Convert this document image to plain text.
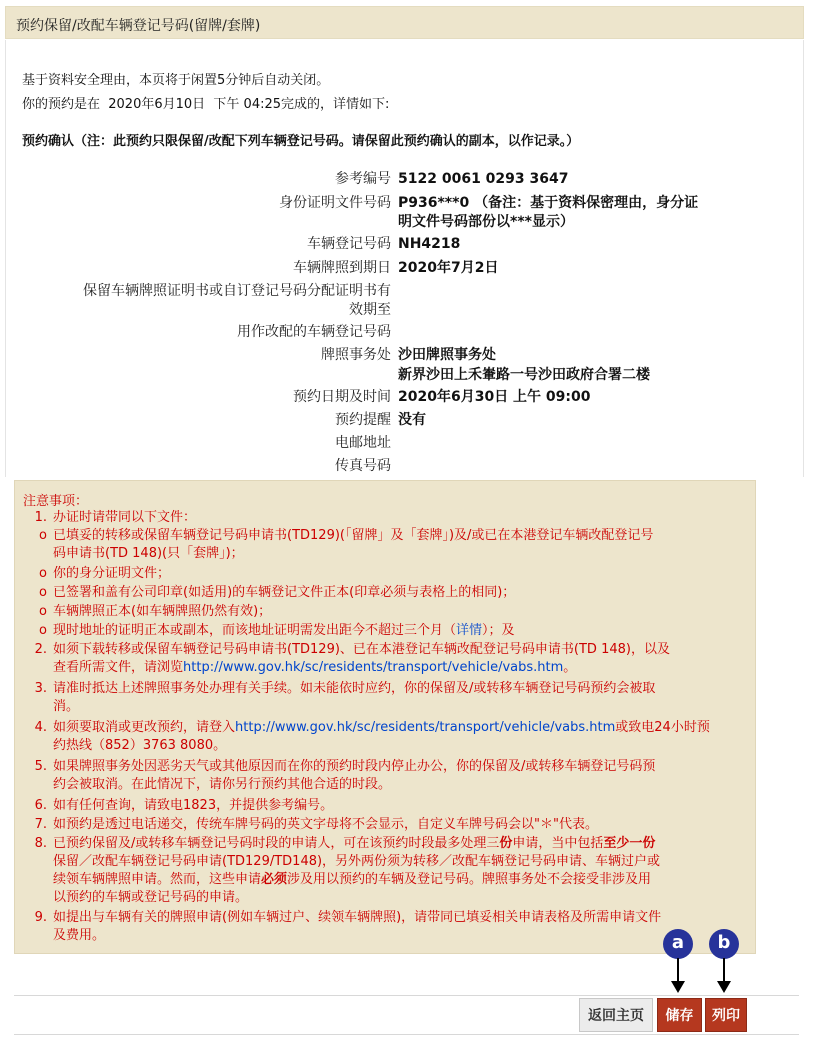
预约保留/改配车辆登记号码(留牌/套牌)
基于资料安全理由，本页将于闲置5分钟后自动关闭。
你的预约是在  2020年6月10日  下午 04:25完成的，详情如下:
预约确认（注：此预约只限保留/改配下列车辆登记号码。请保留此预约确认的副本，以作记录。）
参考编号 5122 0061 0293 3647
身份证明文件号码 P936***0 （备注：基于资料保密理由，身分证
明文件号码部份以***显示）
车辆登记号码 NH4218
车辆牌照到期日 2020年7月2日
保留车辆牌照证明书或自订登记号码分配证明书有
效期至
用作改配的车辆登记号码
牌照事务处 沙田牌照事务处
新界沙田上禾輋路一号沙田政府合署二楼
预约日期及时间 2020年6月30日 上午 09:00
预约提醒 没有
电邮地址
传真号码
注意事项：
1. 办证时请带同以下文件：
o 已填妥的转移或保留车辆登记号码申请书(TD129)(「留牌」及「套牌」)及/或已在本港登记车辆改配登记号
码申请书(TD 148)(只「套牌」)；
o 你的身分证明文件；
o 已签署和盖有公司印章(如适用)的车辆登记文件正本(印章必须与表格上的相同)；
o 车辆牌照正本(如车辆牌照仍然有效)；
o 现时地址的证明正本或副本，而该地址证明需发出距今不超过三个月（详情）；及
2. 如须下载转移或保留车辆登记号码申请书(TD129)、已在本港登记车辆改配登记号码申请书(TD 148)，以及
查看所需文件，请浏览http://www.gov.hk/sc/residents/transport/vehicle/vabs.htm。
3. 请准时抵达上述牌照事务处办理有关手续。如未能依时应约，你的保留及/或转移车辆登记号码预约会被取
消。
4. 如须要取消或更改预约，请登入http://www.gov.hk/sc/residents/transport/vehicle/vabs.htm或致电24小时预
约热线（852）3763 8080。
5. 如果牌照事务处因恶劣天气或其他原因而在你的预约时段内停止办公，你的保留及/或转移车辆登记号码预
约会被取消。在此情况下，请你另行预约其他合适的时段。
6. 如有任何查询，请致电1823，并提供参考编号。
7. 如预约是透过电话递交，传统车牌号码的英文字母将不会显示，自定义车牌号码会以"＊"代表。
8. 已预约保留及/或转移车辆登记号码时段的申请人，可在该预约时段最多处理三份申请，当中包括至少一份
保留／改配车辆登记号码申请(TD129/TD148)，另外两份须为转移／改配车辆登记号码申请、车辆过户或
续领车辆牌照申请。然而，这些申请必须涉及用以预约的车辆及登记号码。牌照事务处不会接受非涉及用
以预约的车辆或登记号码的申请。
9. 如提出与车辆有关的牌照申请(例如车辆过户、续领车辆牌照)，请带同已填妥相关申请表格及所需申请文件
及费用。	a	b
返回主页	储存	列印
